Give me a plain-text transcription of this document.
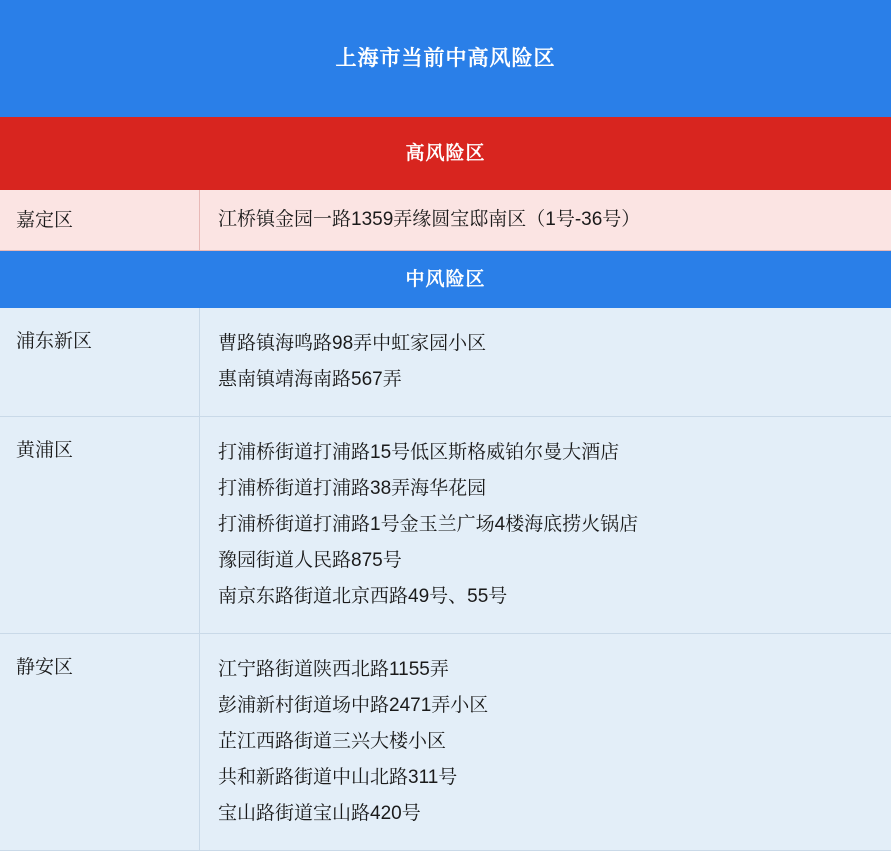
上海市当前中高风险区
高风险区
嘉定区	江桥镇金园一路1359弄缘圆宝邸南区（1号-36号）
中风险区
浦东新区	曹路镇海鸣路98弄中虹家园小区
惠南镇靖海南路567弄
黄浦区	打浦桥街道打浦路15号低区斯格威铂尔曼大酒店
打浦桥街道打浦路38弄海华花园
打浦桥街道打浦路1号金玉兰广场4楼海底捞火锅店
豫园街道人民路875号
南京东路街道北京西路49号、55号
静安区	江宁路街道陕西北路1155弄
彭浦新村街道场中路2471弄小区
芷江西路街道三兴大楼小区
共和新路街道中山北路311号
宝山路街道宝山路420号
